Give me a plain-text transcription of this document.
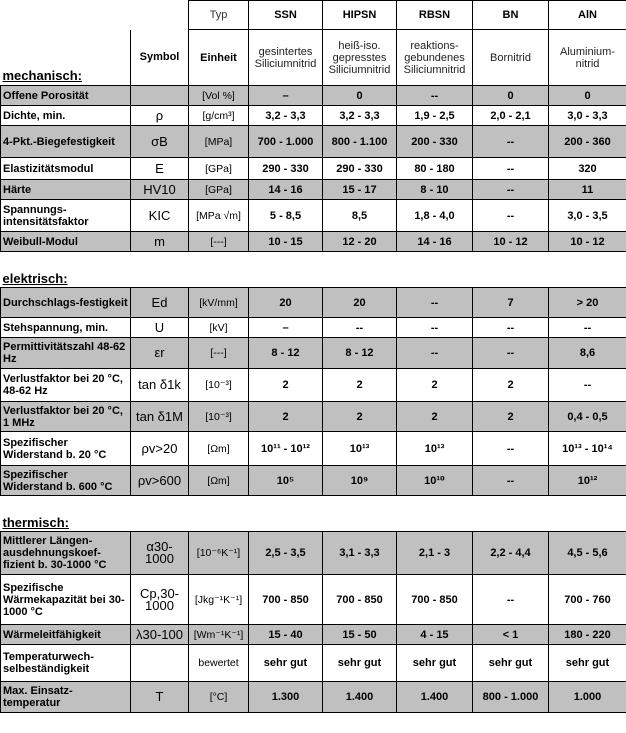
		Typ	SSN	HIPSN	RBSN	BN	AlN
mechanisch:	Symbol	Einheit	gesintertes Siliciumnitrid	heiß-iso. gepresstes Siliciumnitrid	reaktions-gebundenes Siliciumnitrid	Bornitrid	Aluminium-nitrid
Offene Porosität		[Vol %]	–	0	--	0	0
Dichte, min.	ρ	[g/cm³]	3,2 - 3,3	3,2 - 3,3	1,9 - 2,5	2,0 - 2,1	3,0 - 3,3
4-Pkt.-Biegefestigkeit	σB	[MPa]	700 - 1.000	800 - 1.100	200 - 330	--	200 - 360
Elastizitätsmodul	E	[GPa]	290 - 330	290 - 330	80 - 180	--	320
Härte	HV10	[GPa]	14 - 16	15 - 17	8 - 10	--	11
Spannungs-intensitätsfaktor	KIC	[MPa √m]	5 - 8,5	8,5	1,8 - 4,0	--	3,0 - 3,5
Weibull-Modul	m	[---]	10 - 15	12 - 20	14 - 16	10 - 12	10 - 12

elektrisch:							
Durchschlags-festigkeit	Ed	[kV/mm]	20	20	--	7	> 20
Stehspannung, min.	U	[kV]	–	--	--	--	--
Permittivitätszahl 48-62 Hz	εr	[---]	8 - 12	8 - 12	--	--	8,6
Verlustfaktor bei 20 °C, 48-62 Hz	tan δ1k	[10⁻³]	2	2	2	2	--
Verlustfaktor bei 20 °C, 1 MHz	tan δ1M	[10⁻³]	2	2	2	2	0,4 - 0,5
Spezifischer Widerstand b. 20 °C	ρv>20	[Ωm]	10¹¹ - 10¹²	10¹³	10¹³	--	10¹³ - 10¹⁴
Spezifischer Widerstand b. 600 °C	ρv>600	[Ωm]	10⁵	10⁹	10¹⁰	--	10¹²

thermisch:							
Mittlerer Längen-ausdehnungskoef-fizient b. 30-1000 °C	α30-1000	[10⁻⁶K⁻¹]	2,5 - 3,5	3,1 - 3,3	2,1 - 3	2,2 - 4,4	4,5 - 5,6
Spezifische Wärmekapazität bei 30-1000 °C	Cp,30-1000	[Jkg⁻¹K⁻¹]	700 - 850	700 - 850	700 - 850	--	700 - 760
Wärmeleitfähigkeit	λ30-100	[Wm⁻¹K⁻¹]	15 - 40	15 - 50	4 - 15	< 1	180 - 220
Temperaturwech-selbeständigkeit		bewertet	sehr gut	sehr gut	sehr gut	sehr gut	sehr gut
Max. Einsatz-temperatur	T	[°C]	1.300	1.400	1.400	800 - 1.000	1.000
